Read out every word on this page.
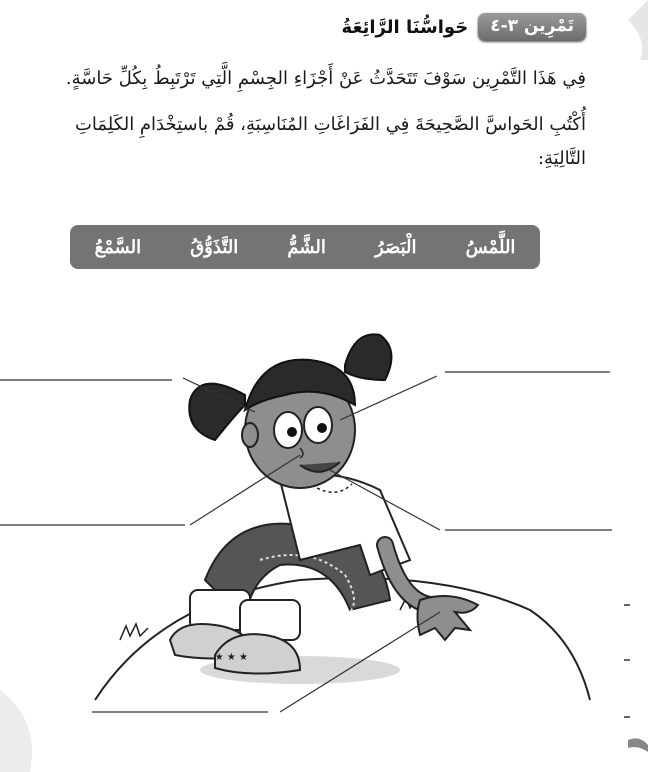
تَمْرِين ٣-٤
حَواسُّنَا الرَّائِعَةُ
فِي هَذَا التَّمْرِين سَوْفَ تَتَحَدَّثُ عَنْ أَجْزَاءِ الجِسْمِ الَّتِي تَرْتَبِطُ بِكُلِّ حَاسَّةٍ.
أُكْتُبِ الحَواسَّ الصَّحِيحَةَ فِي الفَرَاغَاتِ المُنَاسِبَةِ، قُمْ باستِخْدَامِ الكَلِمَاتِ التَّالِيَةِ:
اللَّمْسُ
الْبَصَرُ
الشَّمُّ
التَّذَوُّقُ
السَّمْعُ
★ ★ ★
